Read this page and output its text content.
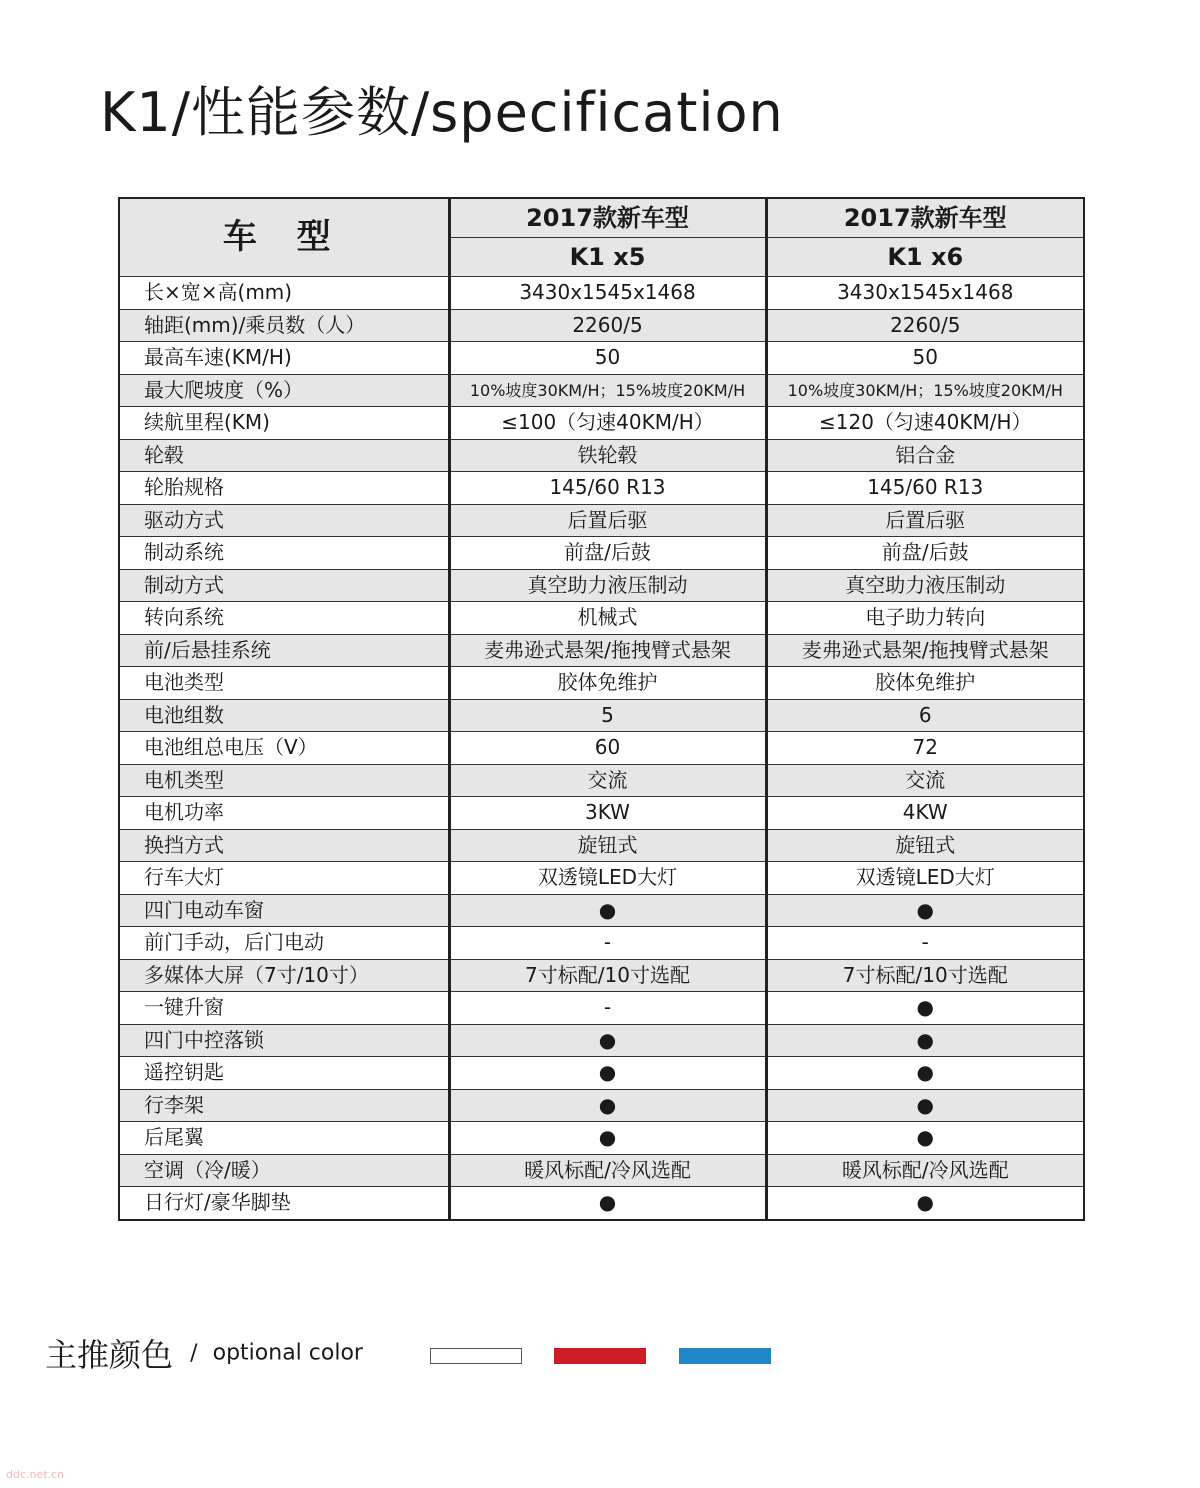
K1/性能参数/specification
车 型	2017款新车型	2017款新车型
	K1 x5	K1 x6
长×宽×高(mm)	3430x1545x1468	3430x1545x1468
轴距(mm)/乘员数（人）	2260/5	2260/5
最高车速(KM/H)	50	50
最大爬坡度（%）	10%坡度30KM/H；15%坡度20KM/H	10%坡度30KM/H；15%坡度20KM/H
续航里程(KM)	≤100（匀速40KM/H）	≤120（匀速40KM/H）
轮毂	铁轮毂	铝合金
轮胎规格	145/60 R13	145/60 R13
驱动方式	后置后驱	后置后驱
制动系统	前盘/后鼓	前盘/后鼓
制动方式	真空助力液压制动	真空助力液压制动
转向系统	机械式	电子助力转向
前/后悬挂系统	麦弗逊式悬架/拖拽臂式悬架	麦弗逊式悬架/拖拽臂式悬架
电池类型	胶体免维护	胶体免维护
电池组数	5	6
电池组总电压（V）	60	72
电机类型	交流	交流
电机功率	3KW	4KW
换挡方式	旋钮式	旋钮式
行车大灯	双透镜LED大灯	双透镜LED大灯
四门电动车窗	●	●
前门手动，后门电动	-	-
多媒体大屏（7寸/10寸）	7寸标配/10寸选配	7寸标配/10寸选配
一键升窗	-	●
四门中控落锁	●	●
遥控钥匙	●	●
行李架	●	●
后尾翼	●	●
空调（冷/暖）	暖风标配/冷风选配	暖风标配/冷风选配
日行灯/豪华脚垫	●	●
主推颜色 / optional color
ddc.net.cn
